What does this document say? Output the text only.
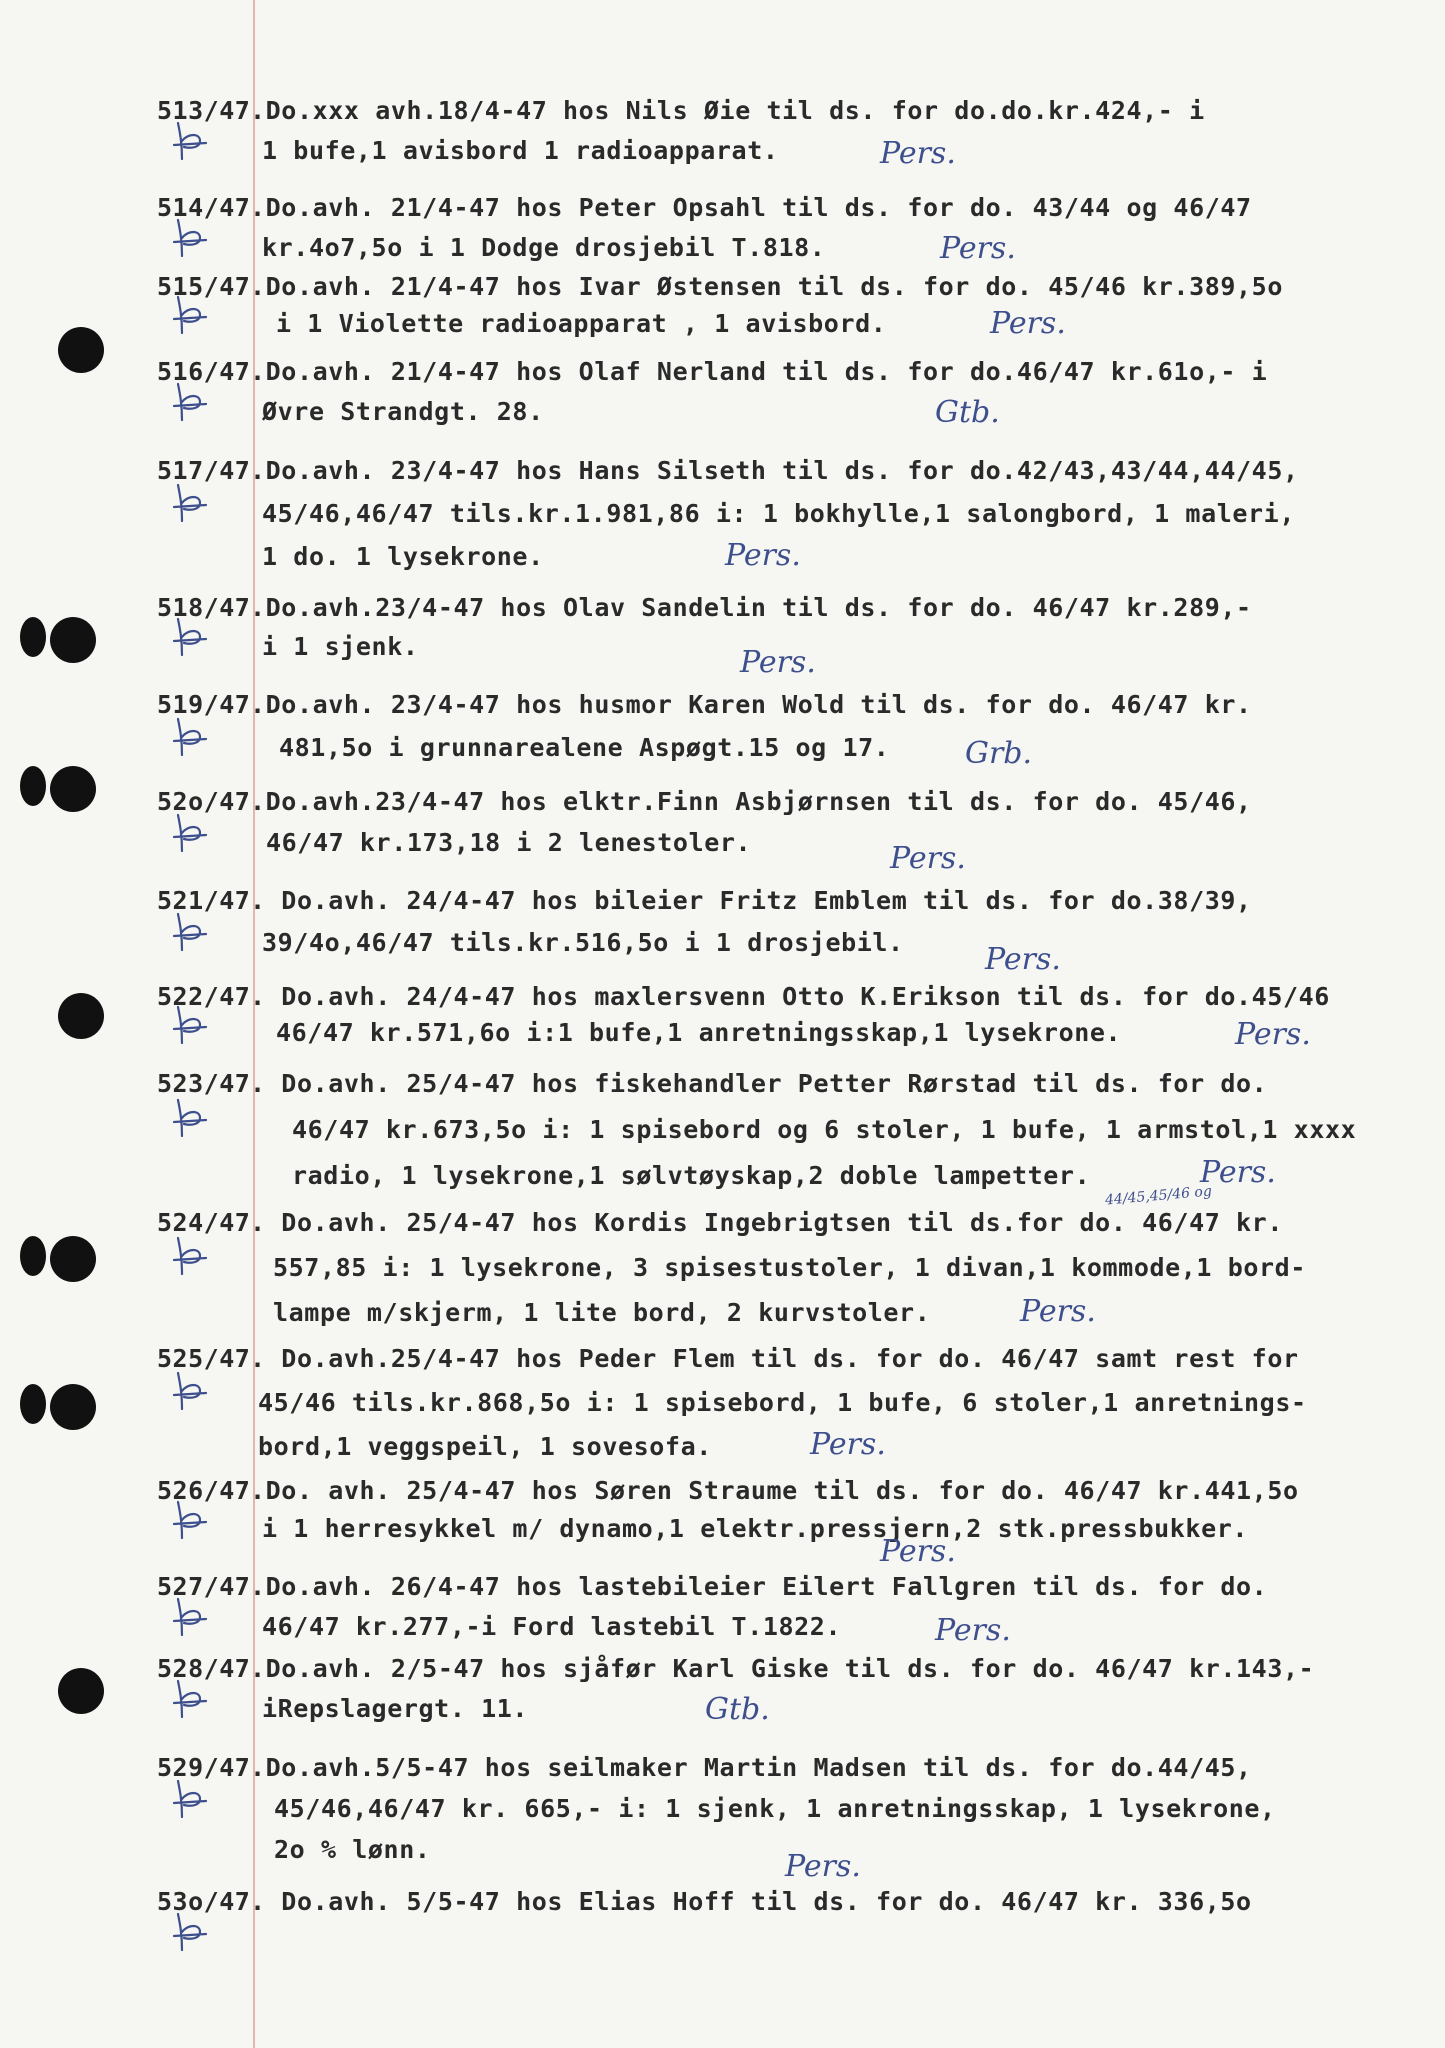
513/47 .Do.xxx avh.18/4-47 hos Nils Øie til ds. for do.do.kr.424,- i
1 bufe,1 avisbord 1 radioapparat.	Pers.
514/47 .Do.avh. 21/4-47 hos Peter Opsahl til ds. for do. 43/44 og 46/47
kr.4o7,5o i 1 Dodge drosjebil T.818.	Pers.
515/47 .Do.avh. 21/4-47 hos Ivar Østensen til ds. for do. 45/46 kr.389,5o
i 1 Violette radioapparat , 1 avisbord.	Pers.
516/47 .Do.avh. 21/4-47 hos Olaf Nerland til ds. for do.46/47 kr.61o,- i
Øvre Strandgt. 28.	Gtb.
517/47 .Do.avh. 23/4-47 hos Hans Silseth til ds. for do.42/43,43/44,44/45,
45/46,46/47 tils.kr.1.981,86 i: 1 bokhylle,1 salongbord, 1 maleri,
1 do. 1 lysekrone.	Pers.
518/47 .Do.avh.23/4-47 hos Olav Sandelin til ds. for do. 46/47 kr.289,-
i 1 sjenk.	Pers.
519/47 .Do.avh. 23/4-47 hos husmor Karen Wold til ds. for do. 46/47 kr.
481,5o i grunnarealene Aspøgt.15 og 17.	Grb.
52o/47 .Do.avh.23/4-47 hos elktr.Finn Asbjørnsen til ds. for do. 45/46,
46/47 kr.173,18 i 2 lenestoler.	Pers.
521/47 . Do.avh. 24/4-47 hos bileier Fritz Emblem til ds. for do.38/39,
39/4o,46/47 tils.kr.516,5o i 1 drosjebil.	Pers.
522/47 . Do.avh. 24/4-47 hos maxlersvenn Otto K.Erikson til ds. for do.45/46
46/47 kr.571,6o i:1 bufe,1 anretningsskap,1 lysekrone.	Pers.
523/47 . Do.avh. 25/4-47 hos fiskehandler Petter Rørstad til ds. for do.
46/47 kr.673,5o i: 1 spisebord og 6 stoler, 1 bufe, 1 armstol,1 xxxx
radio, 1 lysekrone,1 sølvtøyskap,2 doble lampetter.	Pers.
44/45,45/46 og
524/47 . Do.avh. 25/4-47 hos Kordis Ingebrigtsen til ds.for do. 46/47 kr.
557,85 i: 1 lysekrone, 3 spisestustoler, 1 divan,1 kommode,1 bord-
lampe m/skjerm, 1 lite bord, 2 kurvstoler.	Pers.
525/47 . Do.avh.25/4-47 hos Peder Flem til ds. for do. 46/47 samt rest for
45/46 tils.kr.868,5o i: 1 spisebord, 1 bufe, 6 stoler,1 anretnings-
bord,1 veggspeil, 1 sovesofa.	Pers.
526/47 .Do. avh. 25/4-47 hos Søren Straume til ds. for do. 46/47 kr.441,5o
i 1 herresykkel m/ dynamo,1 elektr.pressjern,2 stk.pressbukker.
Pers.
527/47 .Do.avh. 26/4-47 hos lastebileier Eilert Fallgren til ds. for do.
46/47 kr.277,-i Ford lastebil T.1822.	Pers.
528/47 .Do.avh. 2/5-47 hos sjåfør Karl Giske til ds. for do. 46/47 kr.143,-
iRepslagergt. 11.	Gtb.
529/47 .Do.avh.5/5-47 hos seilmaker Martin Madsen til ds. for do.44/45,
45/46,46/47 kr. 665,- i: 1 sjenk, 1 anretningsskap, 1 lysekrone,
2o % lønn.	Pers.
53o/47 . Do.avh. 5/5-47 hos Elias Hoff til ds. for do. 46/47 kr. 336,5o
